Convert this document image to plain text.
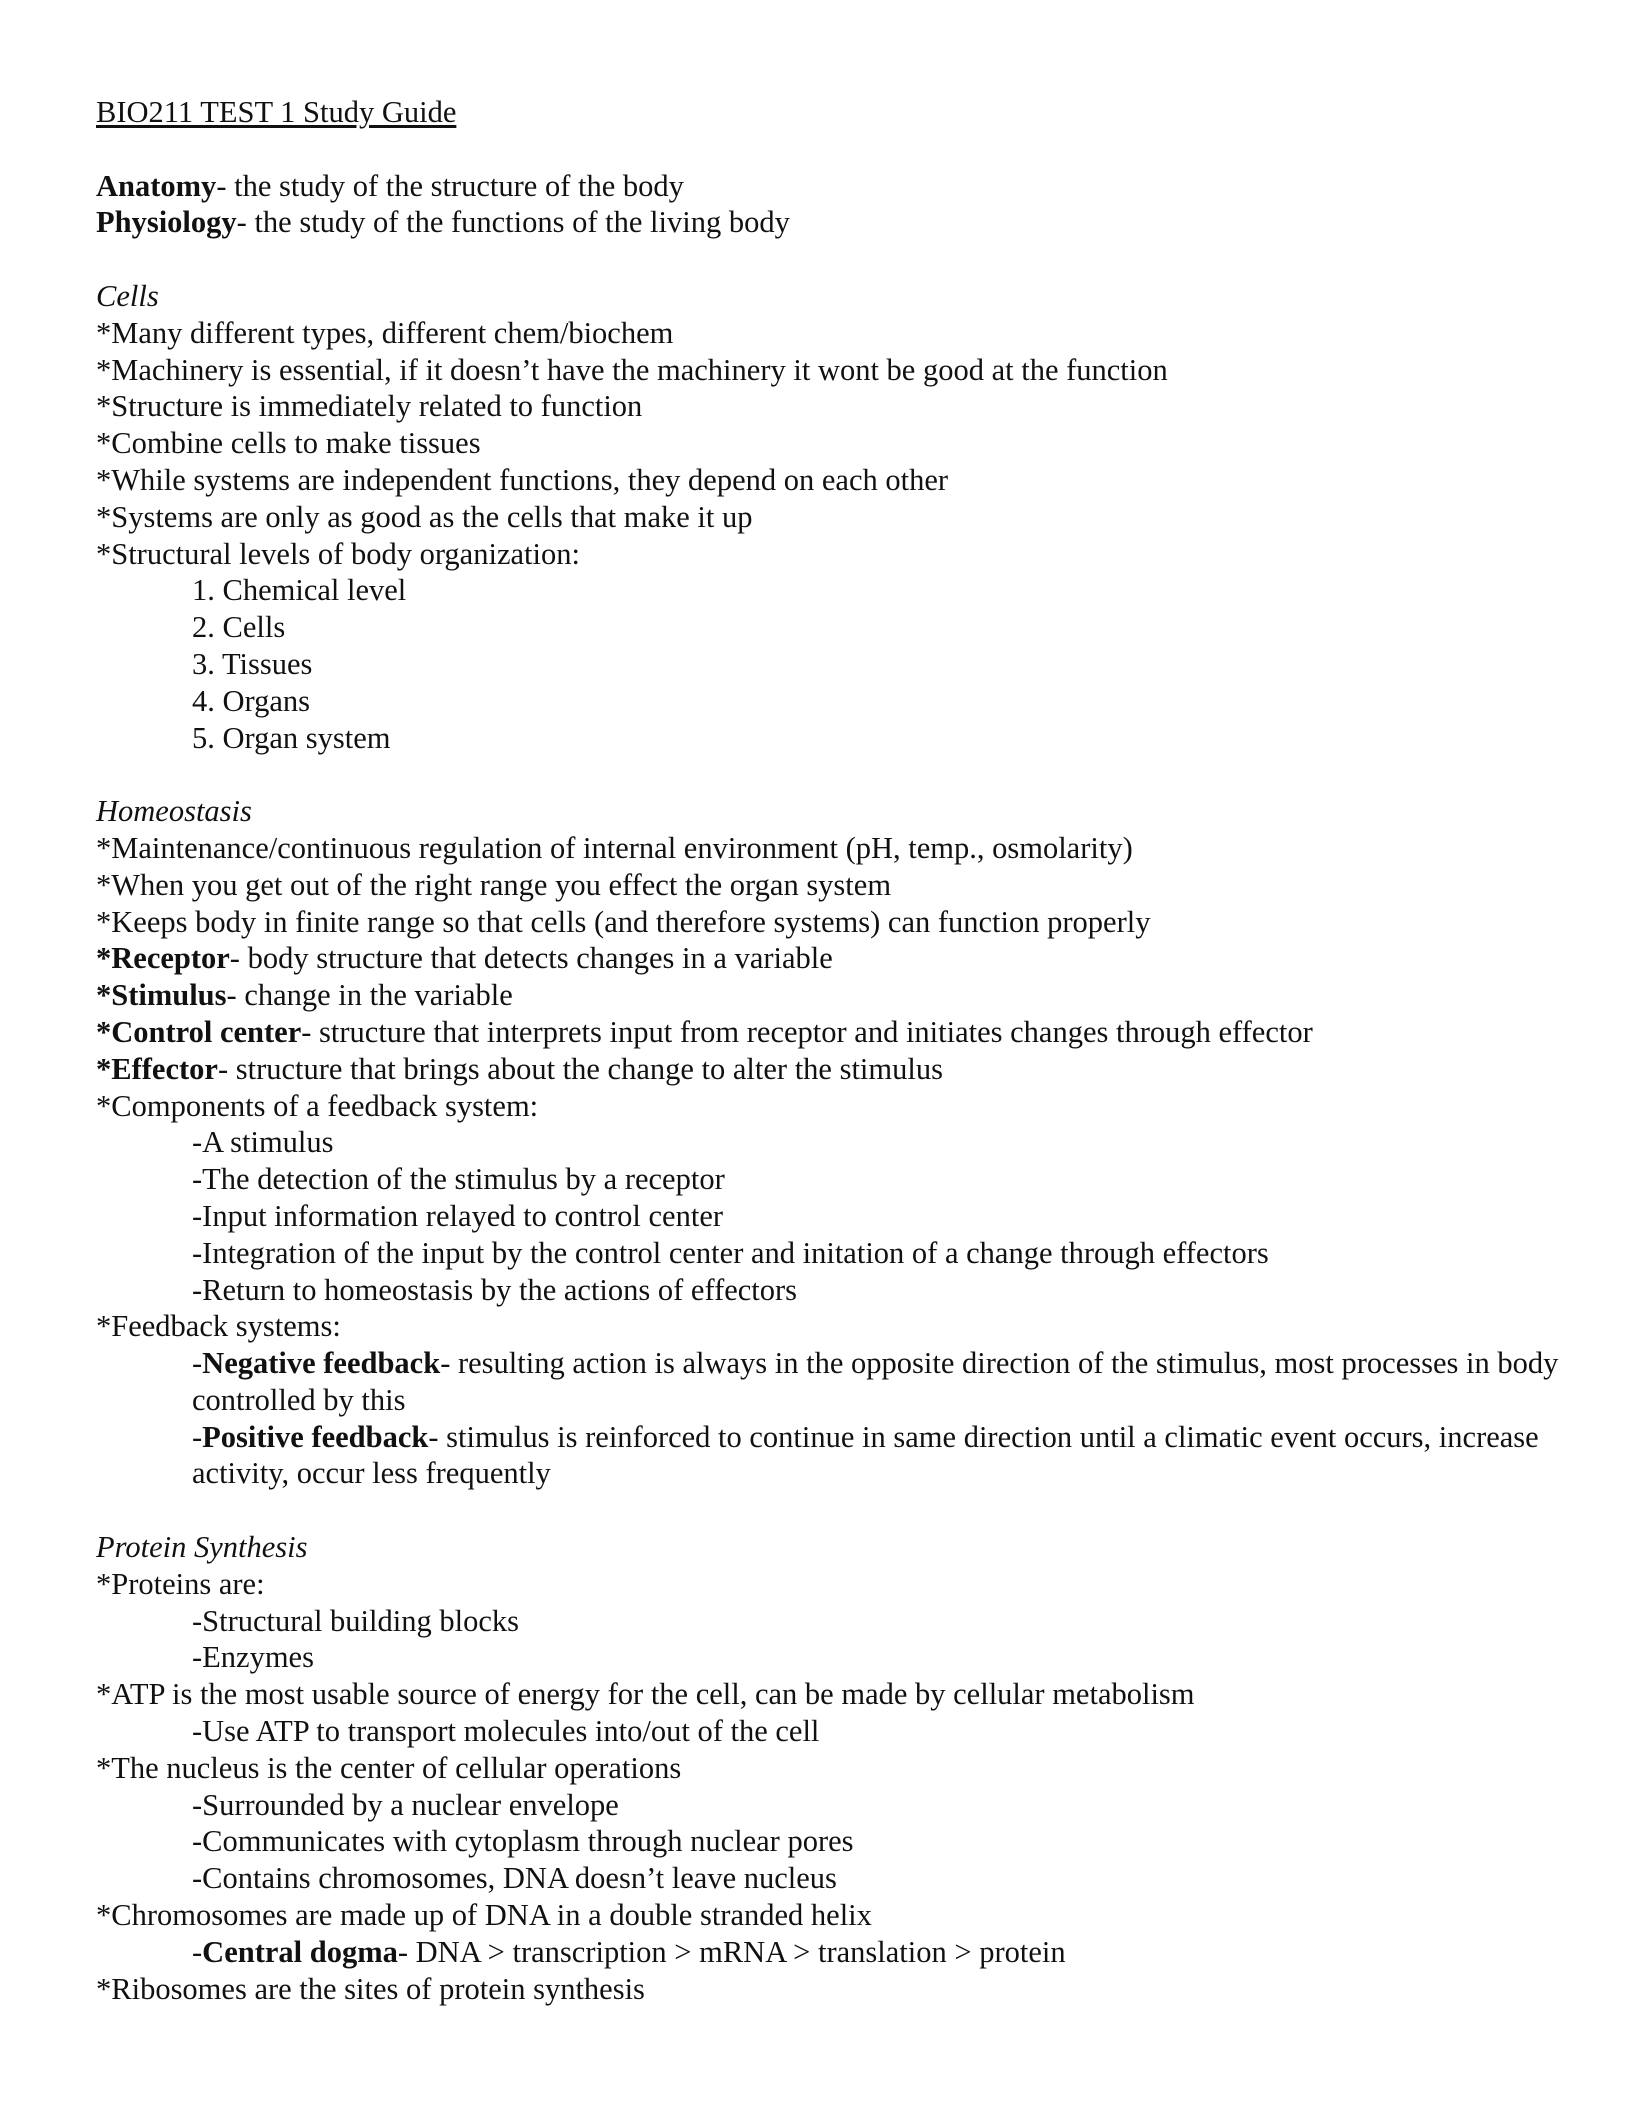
BIO211 TEST 1 Study Guide
Anatomy- the study of the structure of the body
Physiology- the study of the functions of the living body
Cells
*Many different types, different chem/biochem
*Machinery is essential, if it doesn’t have the machinery it wont be good at the function
*Structure is immediately related to function
*Combine cells to make tissues
*While systems are independent functions, they depend on each other
*Systems are only as good as the cells that make it up
*Structural levels of body organization:
1. Chemical level
2. Cells
3. Tissues
4. Organs
5. Organ system
Homeostasis
*Maintenance/continuous regulation of internal environment (pH, temp., osmolarity)
*When you get out of the right range you effect the organ system
*Keeps body in finite range so that cells (and therefore systems) can function properly
*Receptor- body structure that detects changes in a variable
*Stimulus- change in the variable
*Control center- structure that interprets input from receptor and initiates changes through effector
*Effector- structure that brings about the change to alter the stimulus
*Components of a feedback system:
-A stimulus
-The detection of the stimulus by a receptor
-Input information relayed to control center
-Integration of the input by the control center and initation of a change through effectors
-Return to homeostasis by the actions of effectors
*Feedback systems:
-Negative feedback- resulting action is always in the opposite direction of the stimulus, most processes in body controlled by this
-Positive feedback- stimulus is reinforced to continue in same direction until a climatic event occurs, increase activity, occur less frequently
Protein Synthesis
*Proteins are:
-Structural building blocks
-Enzymes
*ATP is the most usable source of energy for the cell, can be made by cellular metabolism
-Use ATP to transport molecules into/out of the cell
*The nucleus is the center of cellular operations
-Surrounded by a nuclear envelope
-Communicates with cytoplasm through nuclear pores
-Contains chromosomes, DNA doesn’t leave nucleus
*Chromosomes are made up of DNA in a double stranded helix
-Central dogma- DNA > transcription > mRNA > translation > protein
*Ribosomes are the sites of protein synthesis
